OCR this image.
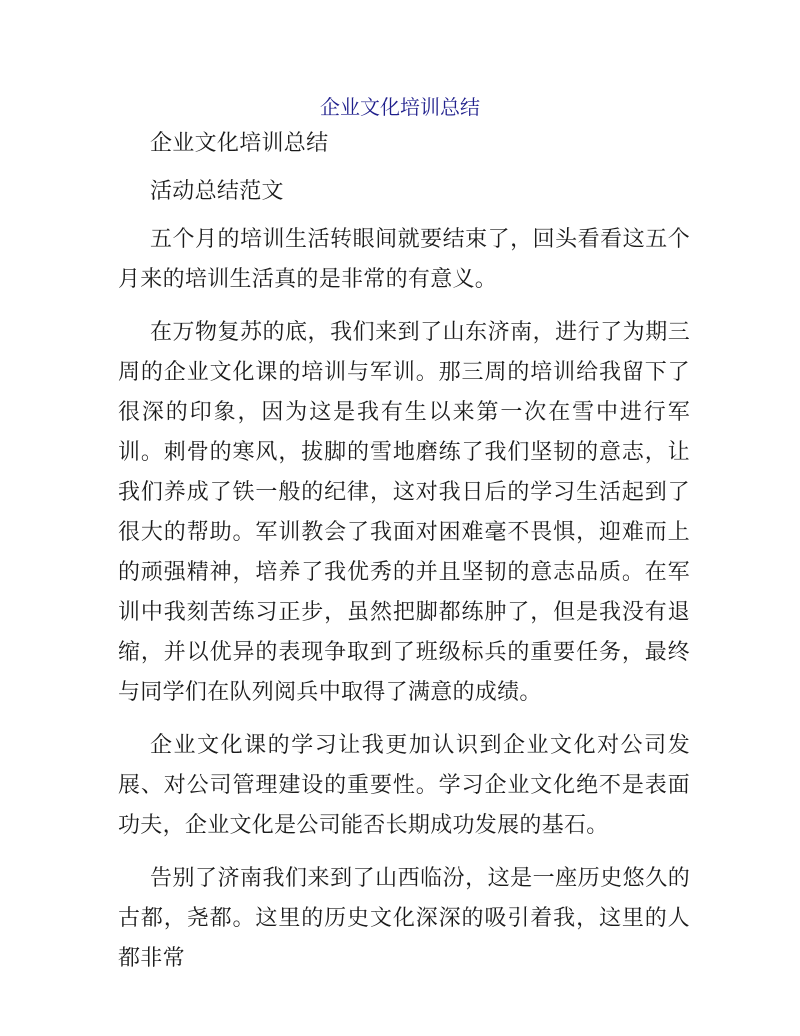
企业文化培训总结

企业文化培训总结

活动总结范文

五个月的培训生活转眼间就要结束了，回头看看这五个月来的培训生活真的是非常的有意义。

在万物复苏的底，我们来到了山东济南，进行了为期三周的企业文化课的培训与军训。那三周的培训给我留下了很深的印象，因为这是我有生以来第一次在雪中进行军训。刺骨的寒风，拔脚的雪地磨练了我们坚韧的意志，让我们养成了铁一般的纪律，这对我日后的学习生活起到了很大的帮助。军训教会了我面对困难毫不畏惧，迎难而上的顽强精神，培养了我优秀的并且坚韧的意志品质。在军训中我刻苦练习正步，虽然把脚都练肿了，但是我没有退缩，并以优异的表现争取到了班级标兵的重要任务，最终与同学们在队列阅兵中取得了满意的成绩。

企业文化课的学习让我更加认识到企业文化对公司发展、对公司管理建设的重要性。学习企业文化绝不是表面功夫，企业文化是公司能否长期成功发展的基石。

告别了济南我们来到了山西临汾，这是一座历史悠久的古都，尧都。这里的历史文化深深的吸引着我，这里的人都非常
